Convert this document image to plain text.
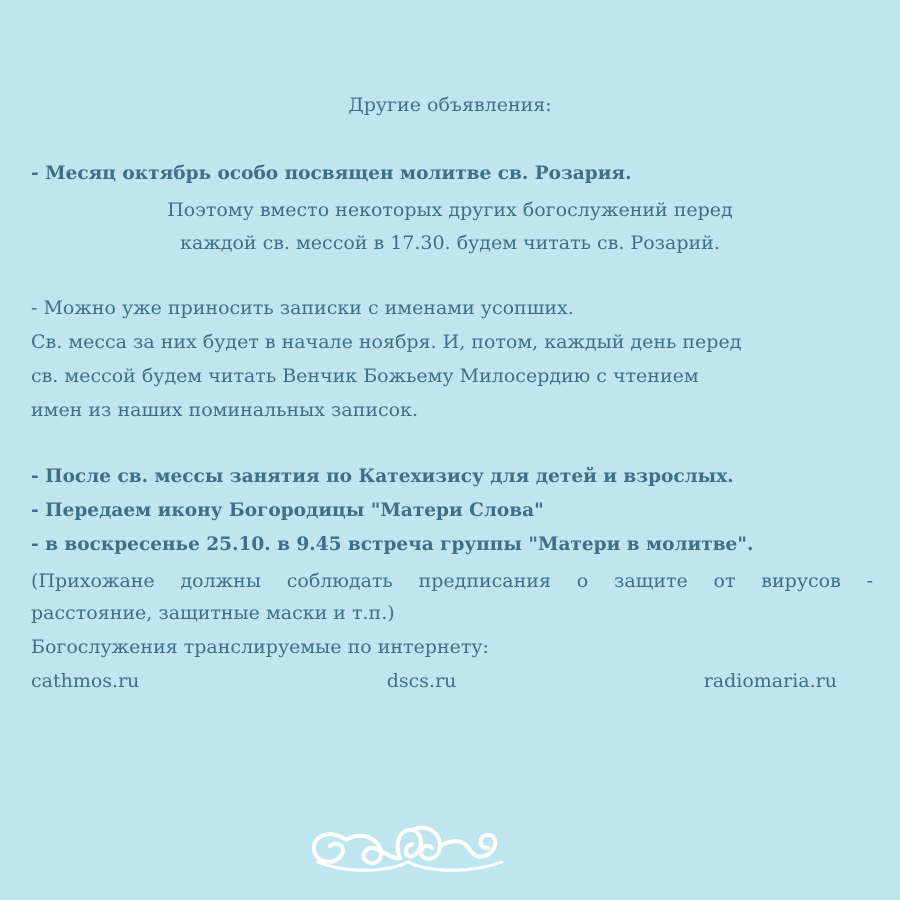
Другие объявления:
- Месяц октябрь особо посвящен молитве св. Розария.
Поэтому вместо некоторых других богослужений перед
каждой св. мессой в 17.30. будем читать св. Розарий.
- Можно уже приносить записки с именами усопших.
Св. месса за них будет в начале ноября. И, потом, каждый день перед
св. мессой будем читать Венчик Божьему Милосердию с чтением
имен из наших поминальных записок.
- После св. мессы занятия по Катехизису для детей и взрослых.
- Передаем икону Богородицы "Матери Слова"
- в воскресенье 25.10. в 9.45 встреча группы "Матери в молитве".
(Прихожане должны соблюдать предписания о защите от вирусов -
расстояние, защитные маски и т.п.)
Богослужения транслируемые по интернету:
cathmos.ru	dscs.ru	radiomaria.ru
